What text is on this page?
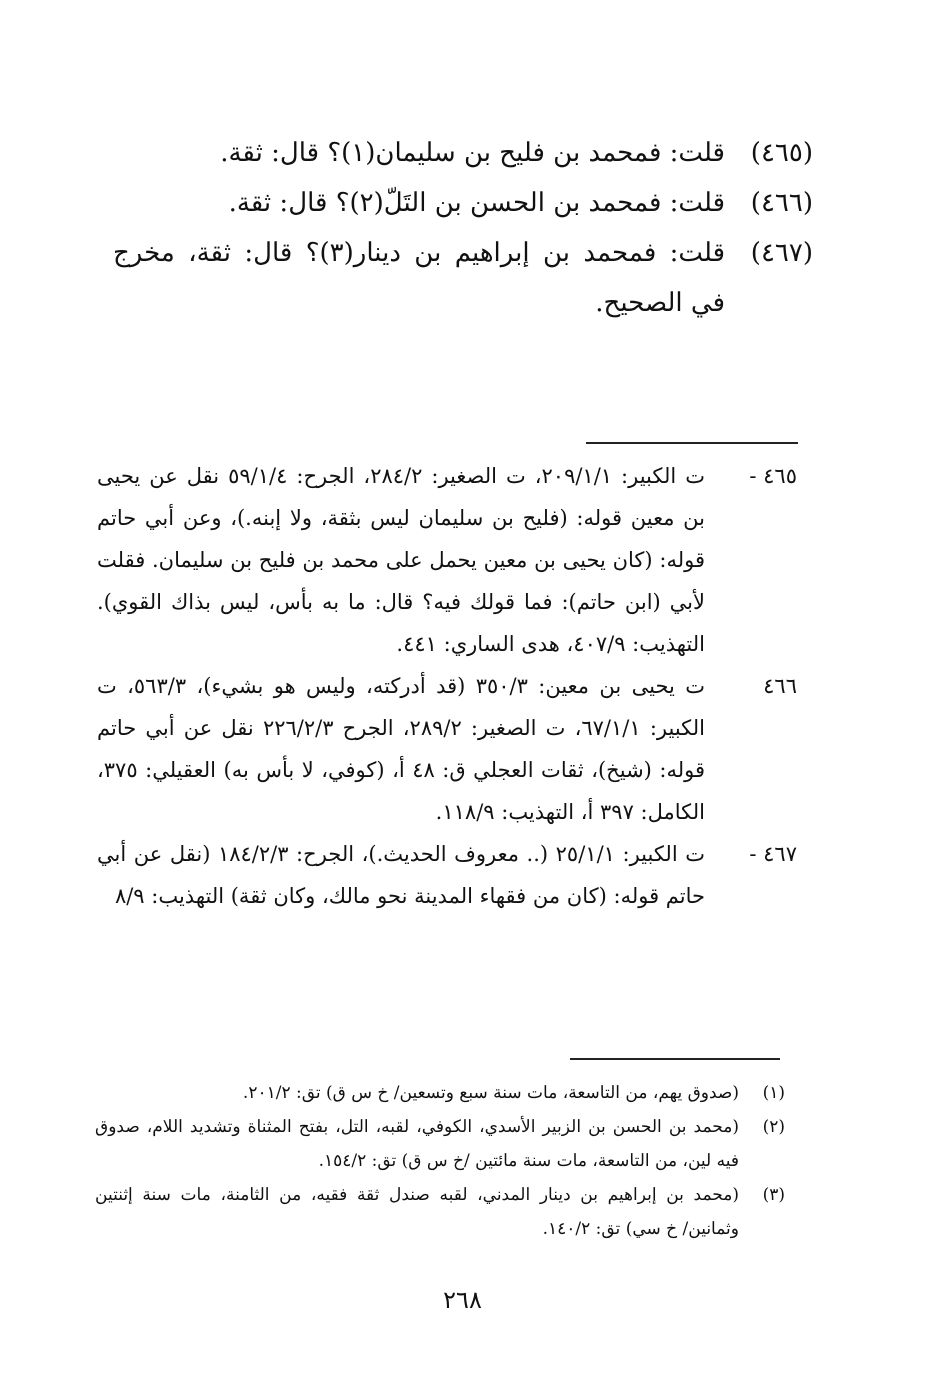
(٤٦٥)
قلت: فمحمد بن فليح بن سليمان(١)؟ قال: ثقة.
(٤٦٦)
قلت: فمحمد بن الحسن بن التَلّ(٢)؟ قال: ثقة.
(٤٦٧)
قلت: فمحمد بن إبراهيم بن دينار(٣)؟ قال: ثقة، مخرج في الصحيح.
٤٦٥ -
ت الكبير: ٢٠٩/١/١، ت الصغير: ٢٨٤/٢، الجرح: ٥٩/١/٤ نقل عن يحيى بن معين قوله: (فليح بن سليمان ليس بثقة، ولا إبنه.)، وعن أبي حاتم قوله: (كان يحيى بن معين يحمل على محمد بن فليح بن سليمان. فقلت لأبي (ابن حاتم): فما قولك فيه؟ قال: ما به بأس، ليس بذاك القوي). التهذيب: ٤٠٧/٩، هدى الساري: ٤٤١.
٤٦٦
ت يحيى بن معين: ٣٥٠/٣ (قد أدركته، وليس هو بشيء)، ٥٦٣/٣، ت الكبير: ٦٧/١/١، ت الصغير: ٢٨٩/٢، الجرح ٢٢٦/٢/٣ نقل عن أبي حاتم قوله: (شيخ)، ثقات العجلي ق: ٤٨ أ، (كوفي، لا بأس به) العقيلي: ٣٧٥، الكامل: ٣٩٧ أ، التهذيب: ١١٨/٩.
٤٦٧ -
ت الكبير: ٢٥/١/١ (.. معروف الحديث.)، الجرح: ١٨٤/٢/٣ (نقل عن أبي حاتم قوله: (كان من فقهاء المدينة نحو مالك، وكان ثقة) التهذيب: ٨/٩
(١)
(صدوق يهم، من التاسعة، مات سنة سبع وتسعين/ خ س ق) تق: ٢٠١/٢.
(٢)
(محمد بن الحسن بن الزبير الأسدي، الكوفي، لقبه، التل، بفتح المثناة وتشديد اللام، صدوق فيه لين، من التاسعة، مات سنة مائتين /خ س ق) تق: ١٥٤/٢.
(٣)
(محمد بن إبراهيم بن دينار المدني، لقبه صندل ثقة فقيه، من الثامنة، مات سنة إثنتين وثمانين/ خ سي) تق: ١٤٠/٢.
٢٦٨
